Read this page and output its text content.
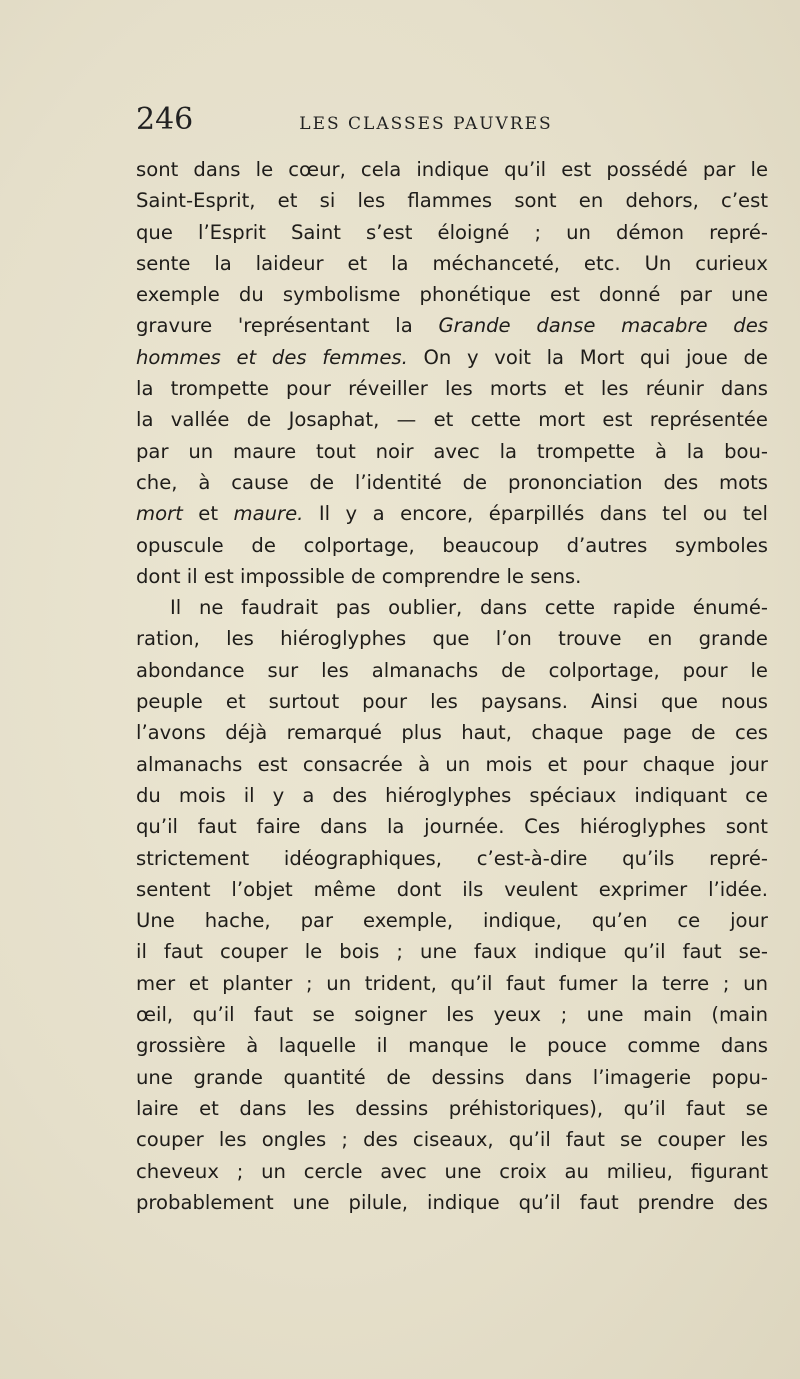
246	LES CLASSES PAUVRES
sont dans le cœur, cela indique qu’il est possédé par le
Saint-Esprit, et si les flammes sont en dehors, c’est
que l’Esprit Saint s’est éloigné ; un démon repré-
sente la laideur et la méchanceté, etc. Un curieux
exemple du symbolisme phonétique est donné par une
gravure 'représentant la Grande danse macabre des
hommes et des femmes. On y voit la Mort qui joue de
la trompette pour réveiller les morts et les réunir dans
la vallée de Josaphat, — et cette mort est représentée
par un maure tout noir avec la trompette à la bou-
che, à cause de l’identité de prononciation des mots
mort et maure. Il y a encore, éparpillés dans tel ou tel
opuscule de colportage, beaucoup d’autres symboles
dont il est impossible de comprendre le sens.
Il ne faudrait pas oublier, dans cette rapide énumé-
ration, les hiéroglyphes que l’on trouve en grande
abondance sur les almanachs de colportage, pour le
peuple et surtout pour les paysans. Ainsi que nous
l’avons déjà remarqué plus haut, chaque page de ces
almanachs est consacrée à un mois et pour chaque jour
du mois il y a des hiéroglyphes spéciaux indiquant ce
qu’il faut faire dans la journée. Ces hiéroglyphes sont
strictement idéographiques, c’est-à-dire qu’ils repré-
sentent l’objet même dont ils veulent exprimer l’idée.
Une hache, par exemple, indique, qu’en ce jour
il faut couper le bois ; une faux indique qu’il faut se-
mer et planter ; un trident, qu’il faut fumer la terre ; un
œil, qu’il faut se soigner les yeux ; une main (main
grossière à laquelle il manque le pouce comme dans
une grande quantité de dessins dans l’imagerie popu-
laire et dans les dessins préhistoriques), qu’il faut se
couper les ongles ; des ciseaux, qu’il faut se couper les
cheveux ; un cercle avec une croix au milieu, figurant
probablement une pilule, indique qu’il faut prendre des
